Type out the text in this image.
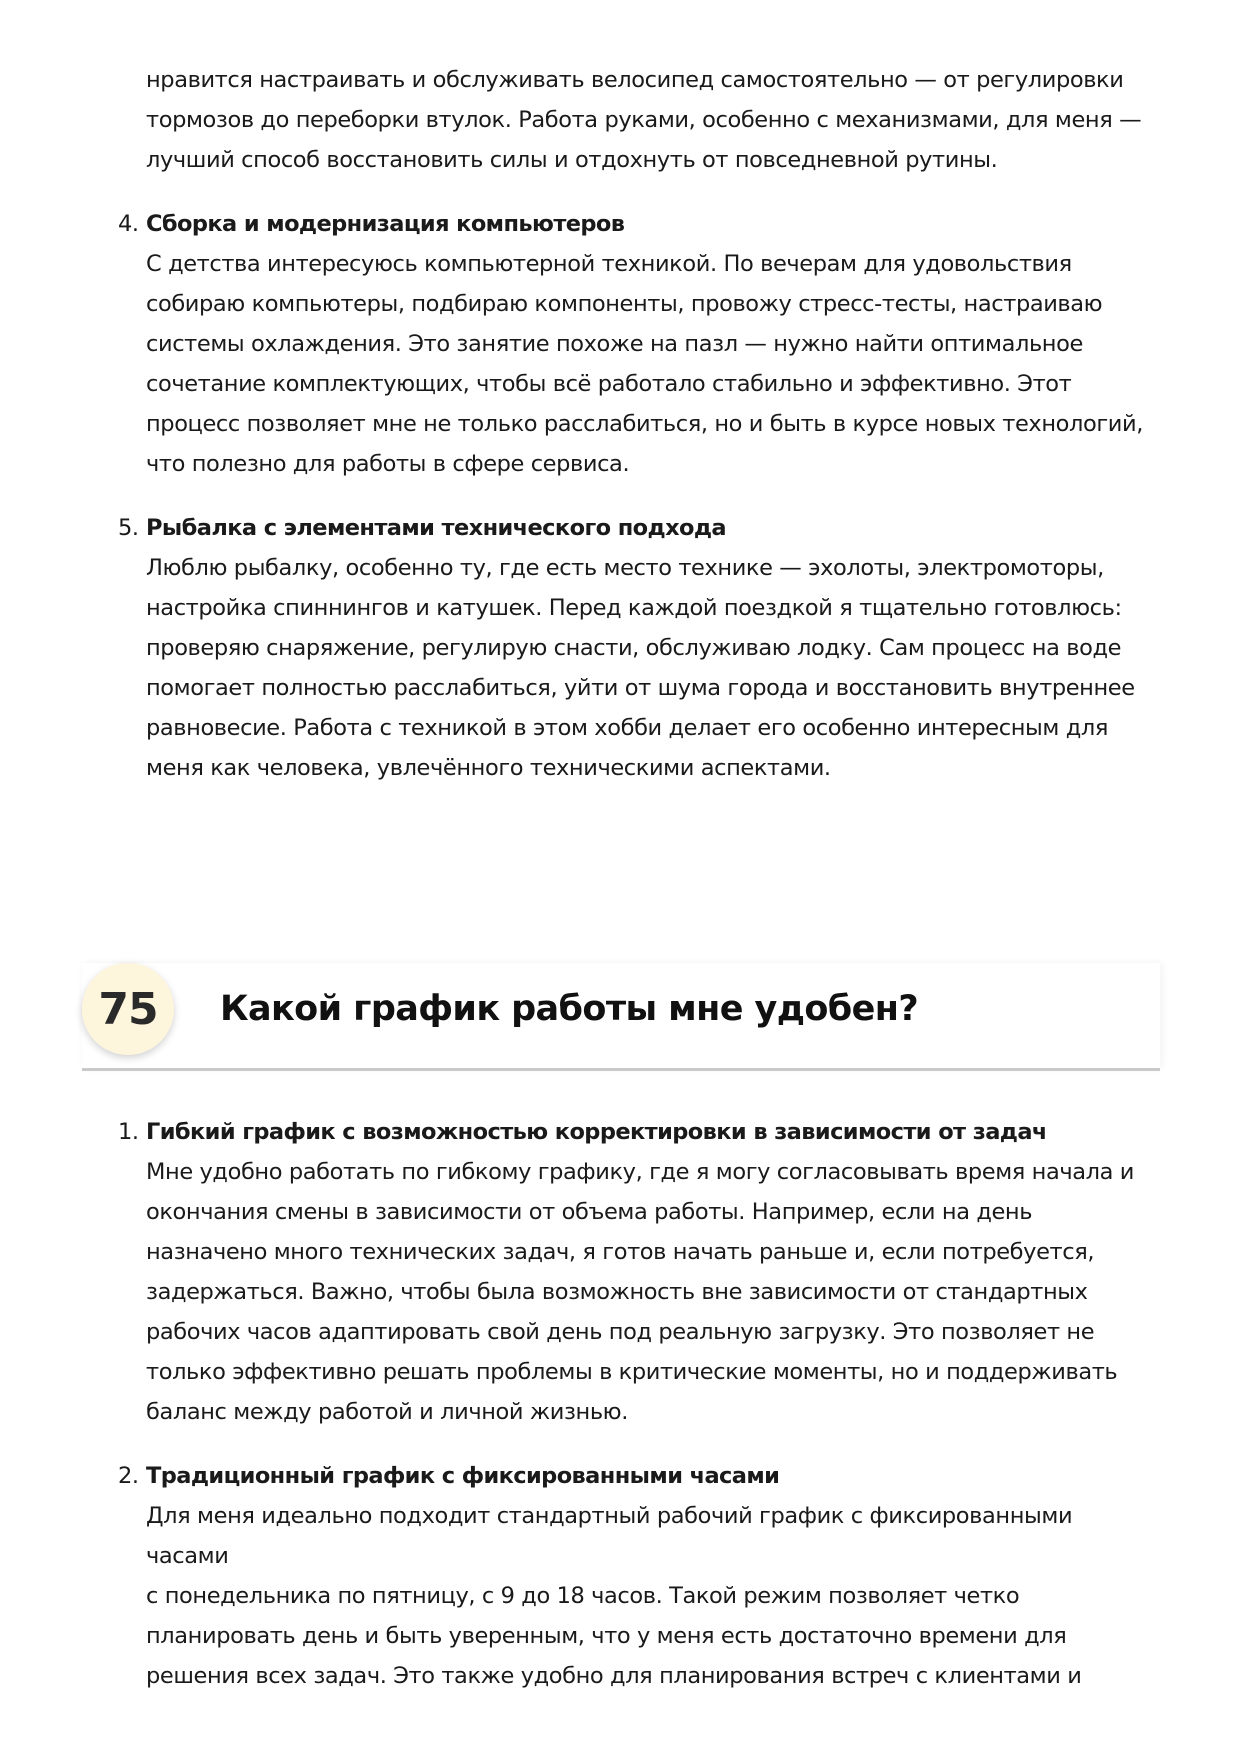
нравится настраивать и обслуживать велосипед самостоятельно — от регулировки
тормозов до переборки втулок. Работа руками, особенно с механизмами, для меня —
лучший способ восстановить силы и отдохнуть от повседневной рутины.
4. Сборка и модернизация компьютеров
С детства интересуюсь компьютерной техникой. По вечерам для удовольствия
собираю компьютеры, подбираю компоненты, провожу стресс-тесты, настраиваю
системы охлаждения. Это занятие похоже на пазл — нужно найти оптимальное
сочетание комплектующих, чтобы всё работало стабильно и эффективно. Этот
процесс позволяет мне не только расслабиться, но и быть в курсе новых технологий,
что полезно для работы в сфере сервиса.
5. Рыбалка с элементами технического подхода
Люблю рыбалку, особенно ту, где есть место технике — эхолоты, электромоторы,
настройка спиннингов и катушек. Перед каждой поездкой я тщательно готовлюсь:
проверяю снаряжение, регулирую снасти, обслуживаю лодку. Сам процесс на воде
помогает полностью расслабиться, уйти от шума города и восстановить внутреннее
равновесие. Работа с техникой в этом хобби делает его особенно интересным для
меня как человека, увлечённого техническими аспектами.
75	Какой график работы мне удобен?
1. Гибкий график с возможностью корректировки в зависимости от задач
Мне удобно работать по гибкому графику, где я могу согласовывать время начала и
окончания смены в зависимости от объема работы. Например, если на день
назначено много технических задач, я готов начать раньше и, если потребуется,
задержаться. Важно, чтобы была возможность вне зависимости от стандартных
рабочих часов адаптировать свой день под реальную загрузку. Это позволяет не
только эффективно решать проблемы в критические моменты, но и поддерживать
баланс между работой и личной жизнью.
2. Традиционный график с фиксированными часами
Для меня идеально подходит стандартный рабочий график с фиксированными часами
с понедельника по пятницу, с 9 до 18 часов. Такой режим позволяет четко
планировать день и быть уверенным, что у меня есть достаточно времени для
решения всех задач. Это также удобно для планирования встреч с клиентами и
